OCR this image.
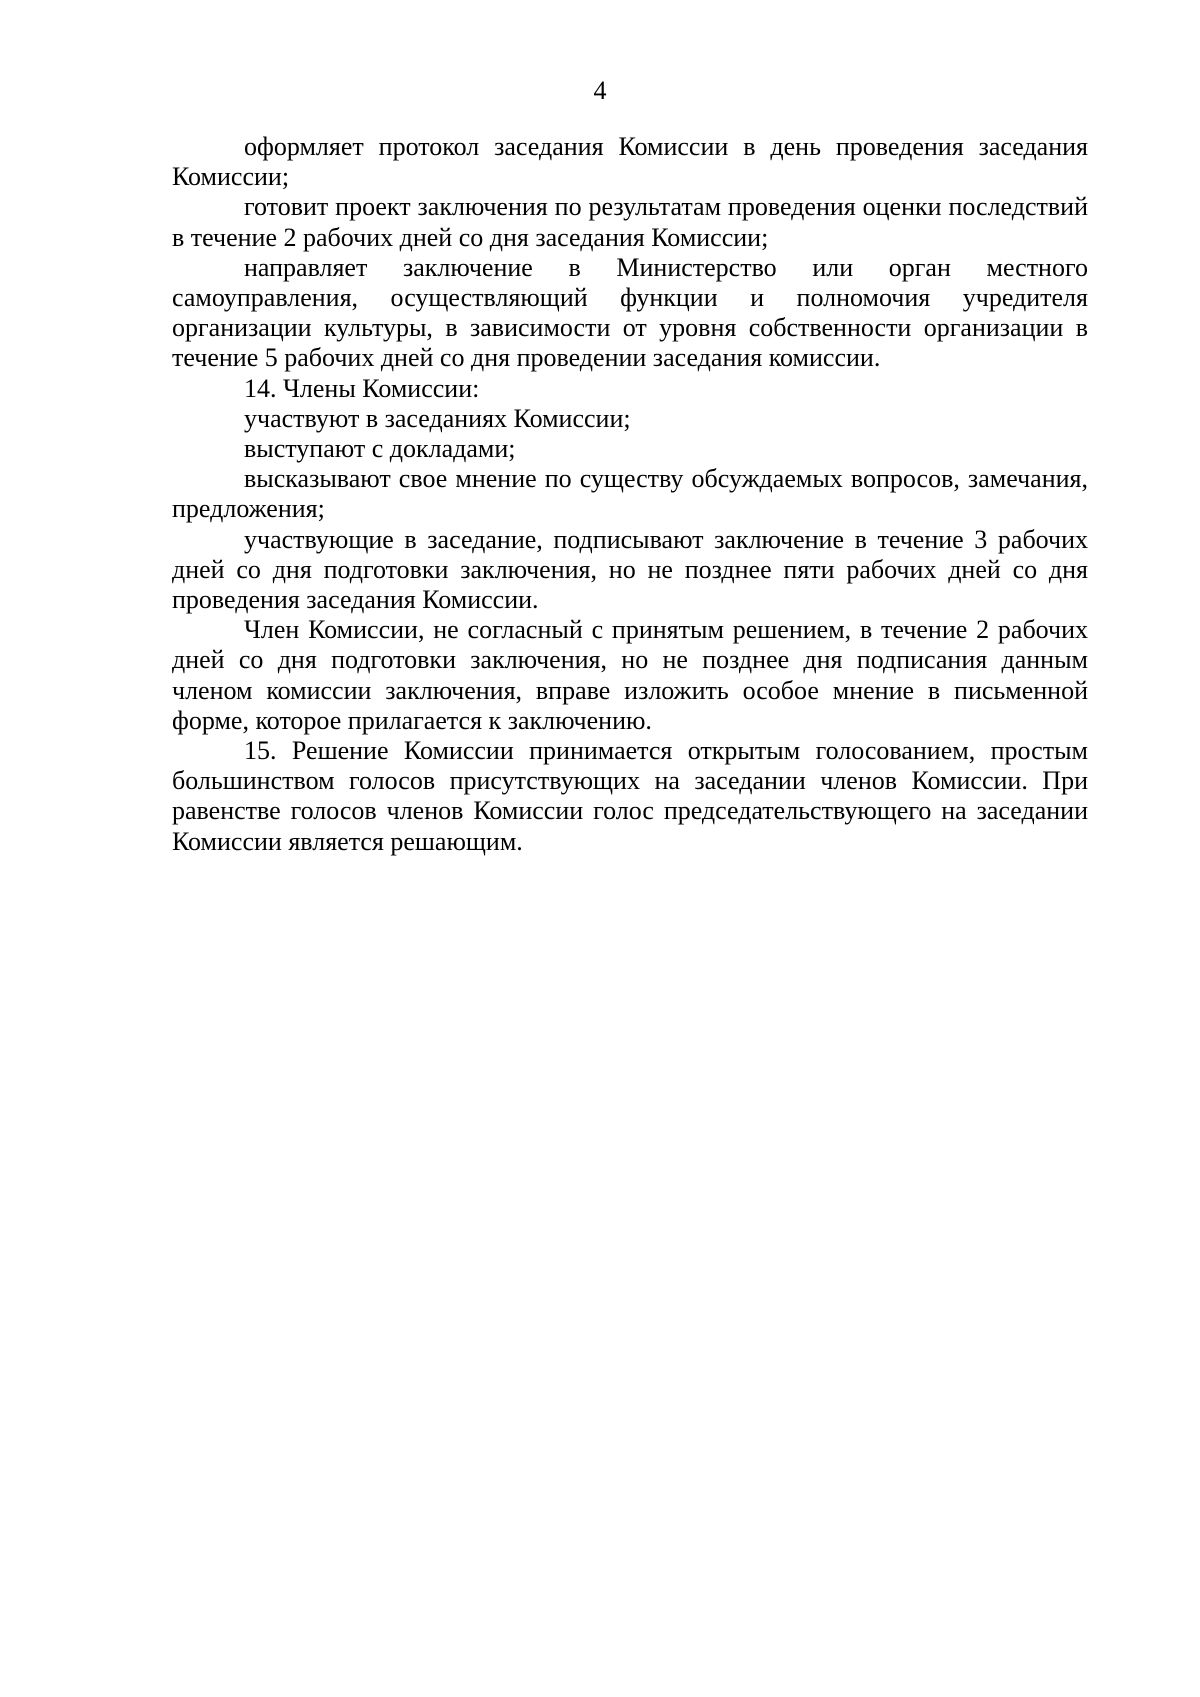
4

оформляет протокол заседания Комиссии в день проведения заседания Комиссии;

готовит проект заключения по результатам проведения оценки последствий в течение 2 рабочих дней со дня заседания Комиссии;

направляет заключение в Министерство или орган местного самоуправления, осуществляющий функции и полномочия учредителя организации культуры, в зависимости от уровня собственности организации в течение 5 рабочих дней со дня проведении заседания комиссии.

14. Члены Комиссии:

участвуют в заседаниях Комиссии;

выступают с докладами;

высказывают свое мнение по существу обсуждаемых вопросов, замечания, предложения;

участвующие в заседание, подписывают заключение в течение 3 рабочих дней со дня подготовки заключения, но не позднее пяти рабочих дней со дня проведения заседания Комиссии.

Член Комиссии, не согласный с принятым решением, в течение 2 рабочих дней со дня подготовки заключения, но не позднее дня подписания данным членом комиссии заключения, вправе изложить особое мнение в письменной форме, которое прилагается к заключению.

15. Решение Комиссии принимается открытым голосованием, простым большинством голосов присутствующих на заседании членов Комиссии. При равенстве голосов членов Комиссии голос председательствующего на заседании Комиссии является решающим.
